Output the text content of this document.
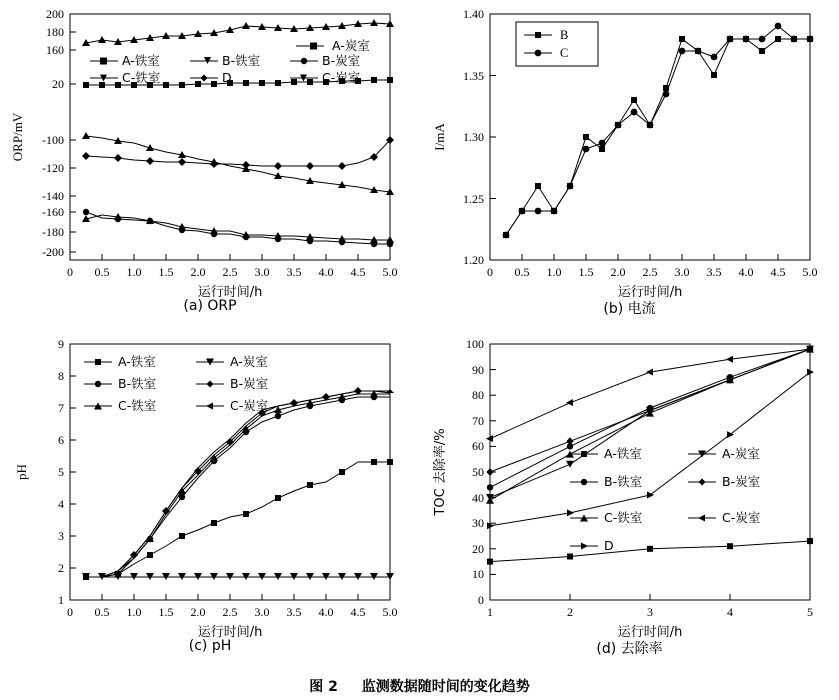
200
180
160
20
-100
-120
-140
-160
-180
-200
0 0.5 1.0 1.5 2.0 2.5 3.0 3.5 4.0 4.5 5.0
A-铁室	B-铁室	B-炭室
C-铁室	D
A-炭室
C-炭室
运行时间/h
ORP/mV
(a) ORP
1.40
1.35
1.30
1.25
1.20
0 0.5 1.0 1.5 2.0 2.5 3.0 3.5 4.0 4.5 5.0
B
C
运行时间/h
I/mA
(b) 电流
9
8
7
6
5
4
3
2
1
0 0.5 1.0 1.5 2.0 2.5 3.0 3.5 4.0 4.5 5.0
A-铁室	A-炭室
B-铁室	B-炭室
C-铁室	C-炭室
运行时间/h
pH
(c) pH
100
90
80
70
60
50
40
30
20
10
0
1	2	3	4	5
A-铁室	A-炭室
B-铁室	B-炭室
C-铁室	C-炭室
D
运行时间/h
TOC 去除率/%
(d) 去除率
图 2 监测数据随时间的变化趋势
